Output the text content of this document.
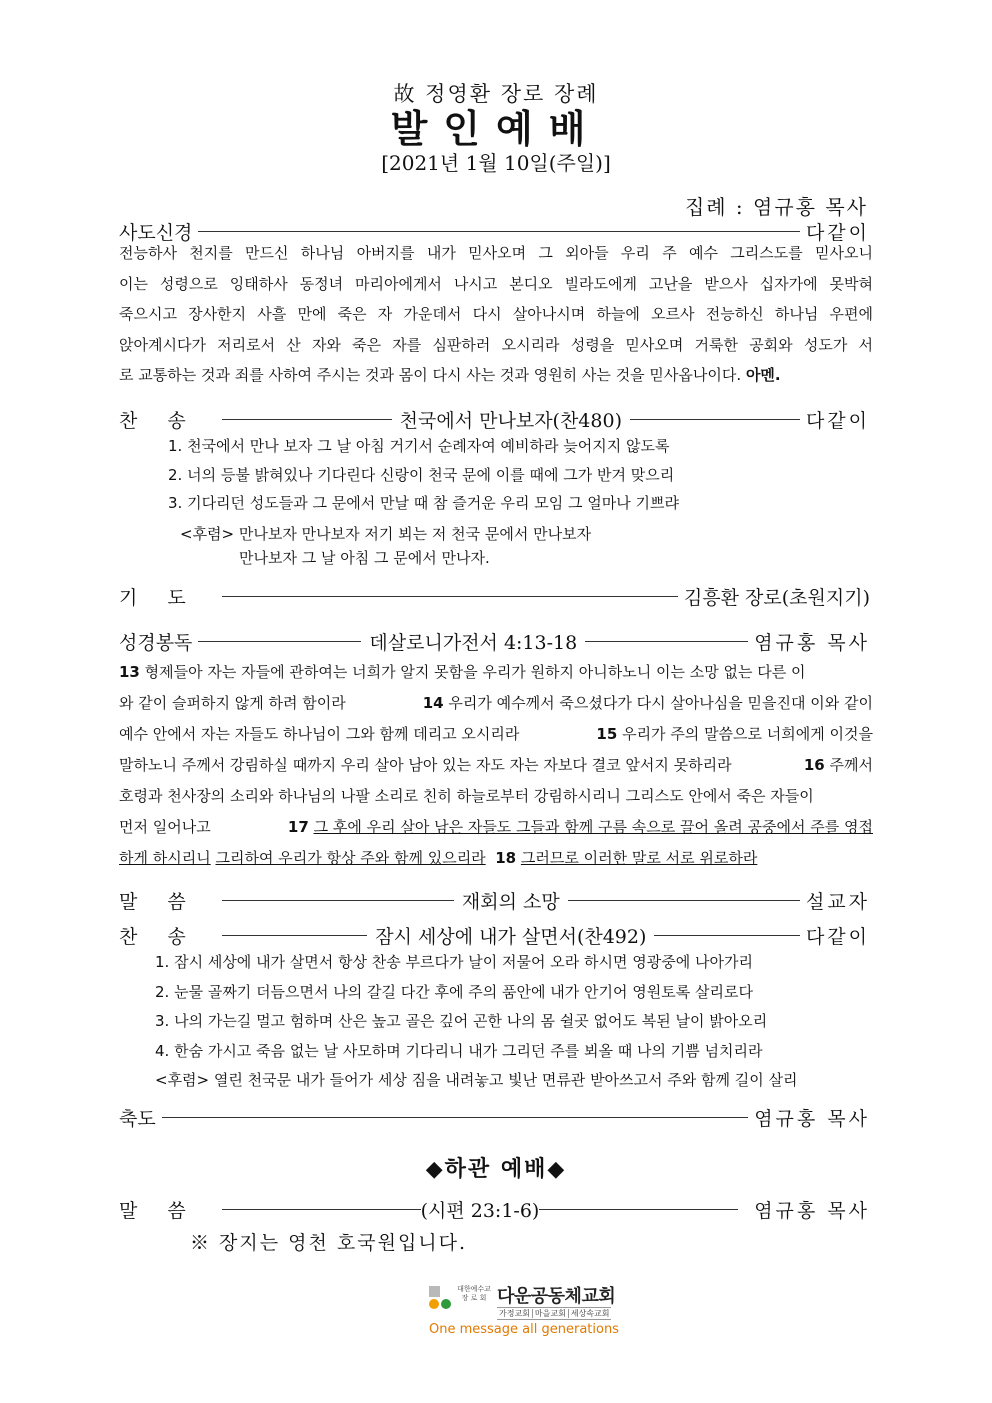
故 정영환 장로 장례
발인예배
[2021년 1월 10일(주일)]
집례 : 염규홍 목사
사도신경	다같이

전능하사 천지를 만드신 하나님 아버지를 내가 믿사오며 그 외아들 우리 주 예수 그리스도를 믿사오니

이는 성령으로 잉태하사 동정녀 마리아에게서 나시고 본디오 빌라도에게 고난을 받으사 십자가에 못박혀

죽으시고 장사한지 사흘 만에 죽은 자 가운데서 다시 살아나시며 하늘에 오르사 전능하신 하나님 우편에

앉아계시다가 저리로서 산 자와 죽은 자를 심판하러 오시리라 성령을 믿사오며 거룩한 공회와 성도가 서

로 교통하는 것과 죄를 사하여 주시는 것과 몸이 다시 사는 것과 영원히 사는 것을 믿사옵나이다. 아멘.

찬송	천국에서 만나보자(찬480)	다같이
1. 천국에서 만나 보자 그 날 아침 거기서 순례자여 예비하라 늦어지지 않도록
2. 너의 등불 밝혀있나 기다린다 신랑이 천국 문에 이를 때에 그가 반겨 맞으리
3. 기다리던 성도들과 그 문에서 만날 때 참 즐거운 우리 모임 그 얼마나 기쁘랴
<후렴> 만나보자 만나보자 저기 뵈는 저 천국 문에서 만나보자
만나보자 그 날 아침 그 문에서 만나자.
기도	김흥환 장로(초원지기)
성경봉독	데살로니가전서 4:13-18	염규홍 목사
13 형제들아 자는 자들에 관하여는 너희가 알지 못함을 우리가 원하지 아니하노니 이는 소망 없는 다른 이
와 같이 슬퍼하지 않게 하려 함이라	14 우리가 예수께서 죽으셨다가 다시 살아나심을 믿을진대 이와 같이
예수 안에서 자는 자들도 하나님이 그와 함께 데리고 오시리라	15 우리가 주의 말씀으로 너희에게 이것을
말하노니 주께서 강림하실 때까지 우리 살아 남아 있는 자도 자는 자보다 결코 앞서지 못하리라	16 주께서
호령과 천사장의 소리와 하나님의 나팔 소리로 친히 하늘로부터 강림하시리니 그리스도 안에서 죽은 자들이
먼저 일어나고	17 그 후에 우리 살아 남은 자들도 그들과 함께 구름 속으로 끌어 올려 공중에서 주를 영접
하게 하시리니
그리하여 우리가 항상 주와 함께 있으리라
18
그러므로 이러한 말로 서로 위로하라
말씀	재회의 소망	설교자
찬송	잠시 세상에 내가 살면서(찬492)	다같이
1. 잠시 세상에 내가 살면서 항상 찬송 부르다가 날이 저물어 오라 하시면 영광중에 나아가리
2. 눈물 골짜기 더듬으면서 나의 갈길 다간 후에 주의 품안에 내가 안기어 영원토록 살리로다
3. 나의 가는길 멀고 험하며 산은 높고 골은 깊어 곤한 나의 몸 쉴곳 없어도 복된 날이 밝아오리
4. 한숨 가시고 죽음 없는 날 사모하며 기다리니 내가 그리던 주를 뵈올 때 나의 기쁨 넘치리라
<후렴> 열린 천국문 내가 들어가 세상 짐을 내려놓고 빛난 면류관 받아쓰고서 주와 함께 길이 살리
축도	염규홍 목사
◆하관 예배◆
말씀	(시편 23:1-6)	염규홍 목사
※ 장지는 영천 호국원입니다.
대한예수교
장 로 회 다운공동체교회
가정교회 마을교회 세상속교회
One message all generations
